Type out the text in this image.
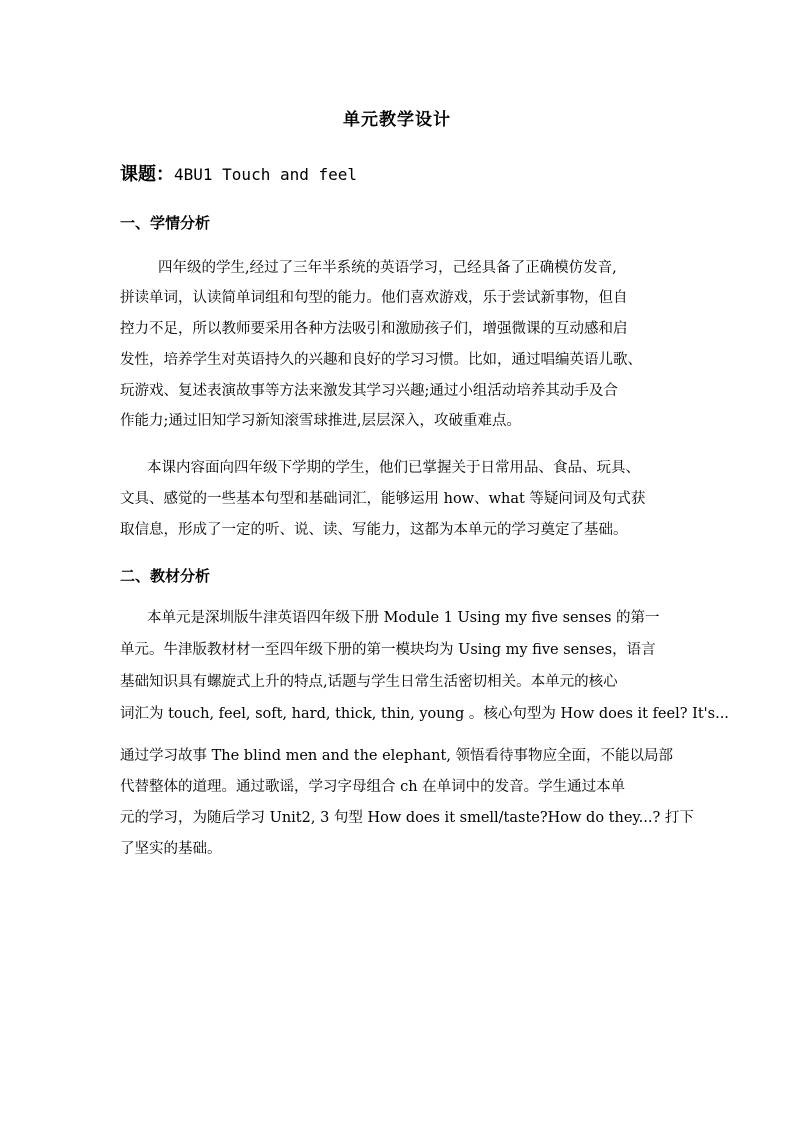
单元教学设计
课题：4BU1 Touch and feel
一、学情分析
四年级的学生,经过了三年半系统的英语学习，己经具备了正确模仿发音,
拼读单词，认读简单词组和句型的能力。他们喜欢游戏，乐于尝试新事物，但自
控力不足，所以教师要采用各种方法吸引和激励孩子们，增强微课的互动感和启
发性，培养学生对英语持久的兴趣和良好的学习习惯。比如，通过唱编英语儿歌、
玩游戏、复述表演故事等方法来激发其学习兴趣;通过小组活动培养其动手及合
作能力;通过旧知学习新知滚雪球推进,层层深入，攻破重难点。
本课内容面向四年级下学期的学生，他们已掌握关于日常用品、食品、玩具、
文具、感觉的一些基本句型和基础词汇，能够运用 how、what 等疑问词及句式获
取信息，形成了一定的听、说、读、写能力，这都为本单元的学习奠定了基础。
二、教材分析
本单元是深圳版牛津英语四年级下册 Module 1 Using my five senses 的第一
单元。牛津版教材材一至四年级下册的第一模块均为 Using my five senses，语言
基础知识具有螺旋式上升的特点,话题与学生日常生活密切相关。本单元的核心
词汇为 touch, feel, soft, hard, thick, thin, young 。核心句型为 How does it feel? It's...
通过学习故事 The blind men and the elephant, 领悟看待事物应全面，不能以局部
代替整体的道理。通过歌谣，学习字母组合 ch 在单词中的发音。学生通过本单
元的学习，为随后学习 Unit2, 3 句型 How does it smell/taste?How do they...? 打下
了坚实的基础。
